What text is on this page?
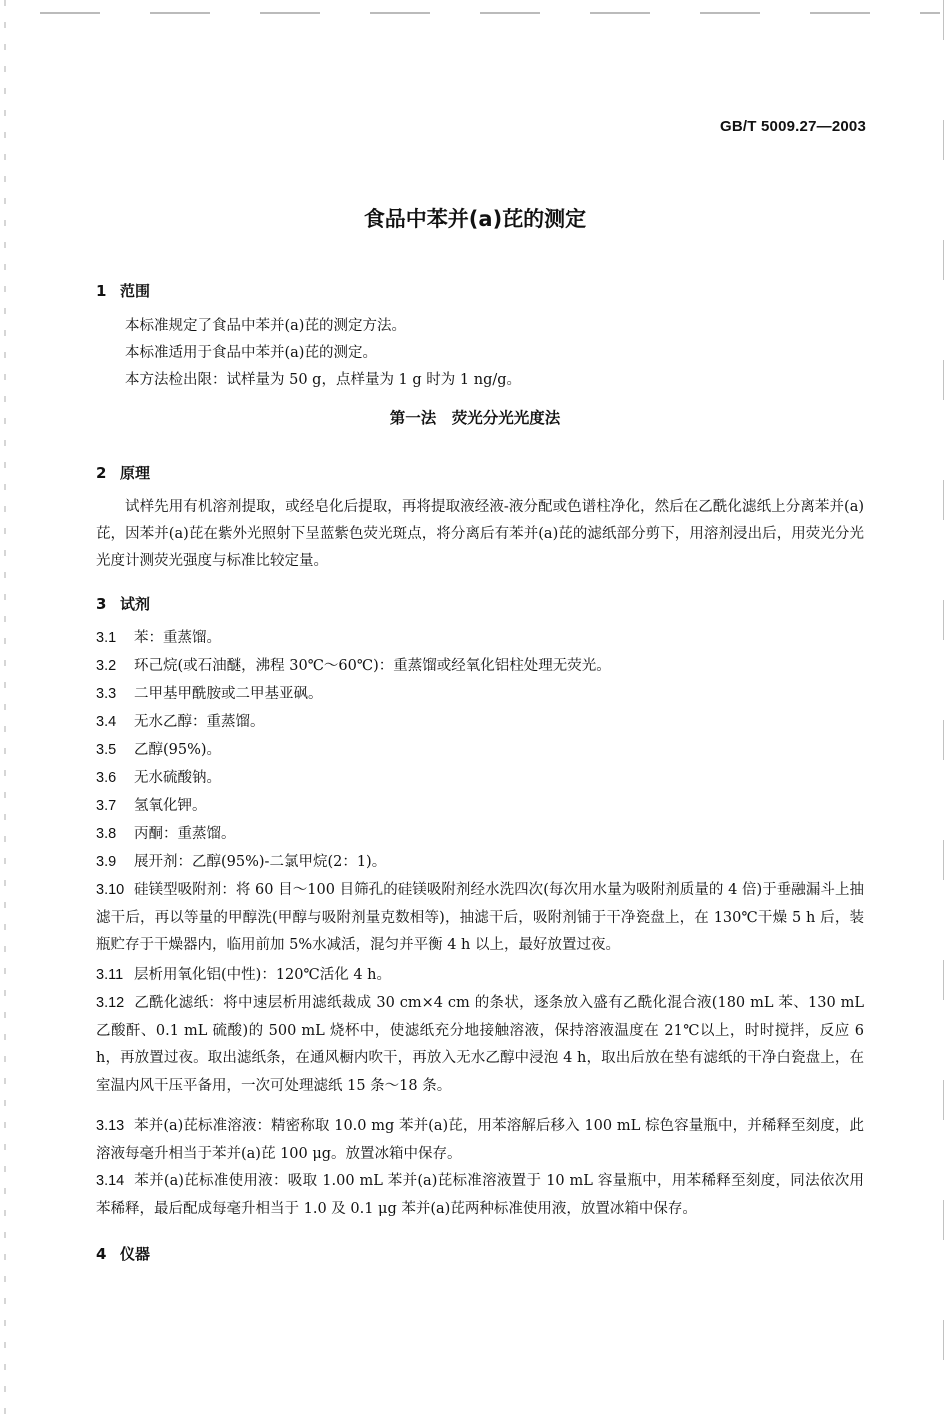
GB/T 5009.27—2003
食品中苯并(a)芘的测定
1 范围
本标准规定了食品中苯并(a)芘的测定方法。
本标准适用于食品中苯并(a)芘的测定。
本方法检出限：试样量为 50 g，点样量为 1 g 时为 1 ng/g。
第一法　荧光分光光度法
2 原理
试样先用有机溶剂提取，或经皂化后提取，再将提取液经液-液分配或色谱柱净化，然后在乙酰化滤纸上分离苯并(a)芘，因苯并(a)芘在紫外光照射下呈蓝紫色荧光斑点，将分离后有苯并(a)芘的滤纸部分剪下，用溶剂浸出后，用荧光分光光度计测荧光强度与标准比较定量。
3 试剂
3.1 苯：重蒸馏。
3.2 环己烷(或石油醚，沸程 30℃～60℃)：重蒸馏或经氧化铝柱处理无荧光。
3.3 二甲基甲酰胺或二甲基亚砜。
3.4 无水乙醇：重蒸馏。
3.5 乙醇(95%)。
3.6 无水硫酸钠。
3.7 氢氧化钾。
3.8 丙酮：重蒸馏。
3.9 展开剂：乙醇(95%)-二氯甲烷(2：1)。
3.10 硅镁型吸附剂：将 60 目～100 目筛孔的硅镁吸附剂经水洗四次(每次用水量为吸附剂质量的 4 倍)于垂融漏斗上抽滤干后，再以等量的甲醇洗(甲醇与吸附剂量克数相等)，抽滤干后，吸附剂铺于干净瓷盘上，在 130℃干燥 5 h 后，装瓶贮存于干燥器内，临用前加 5%水减活，混匀并平衡 4 h 以上，最好放置过夜。
3.11 层析用氧化铝(中性)：120℃活化 4 h。
3.12 乙酰化滤纸：将中速层析用滤纸裁成 30 cm×4 cm 的条状，逐条放入盛有乙酰化混合液(180 mL 苯、130 mL 乙酸酐、0.1 mL 硫酸)的 500 mL 烧杯中，使滤纸充分地接触溶液，保持溶液温度在 21℃以上，时时搅拌，反应 6 h，再放置过夜。取出滤纸条，在通风橱内吹干，再放入无水乙醇中浸泡 4 h，取出后放在垫有滤纸的干净白瓷盘上，在室温内风干压平备用，一次可处理滤纸 15 条～18 条。
3.13 苯并(a)芘标准溶液：精密称取 10.0 mg 苯并(a)芘，用苯溶解后移入 100 mL 棕色容量瓶中，并稀释至刻度，此溶液每毫升相当于苯并(a)芘 100 μg。放置冰箱中保存。
3.14 苯并(a)芘标准使用液：吸取 1.00 mL 苯并(a)芘标准溶液置于 10 mL 容量瓶中，用苯稀释至刻度，同法依次用苯稀释，最后配成每毫升相当于 1.0 及 0.1 μg 苯并(a)芘两种标准使用液，放置冰箱中保存。
4 仪器
